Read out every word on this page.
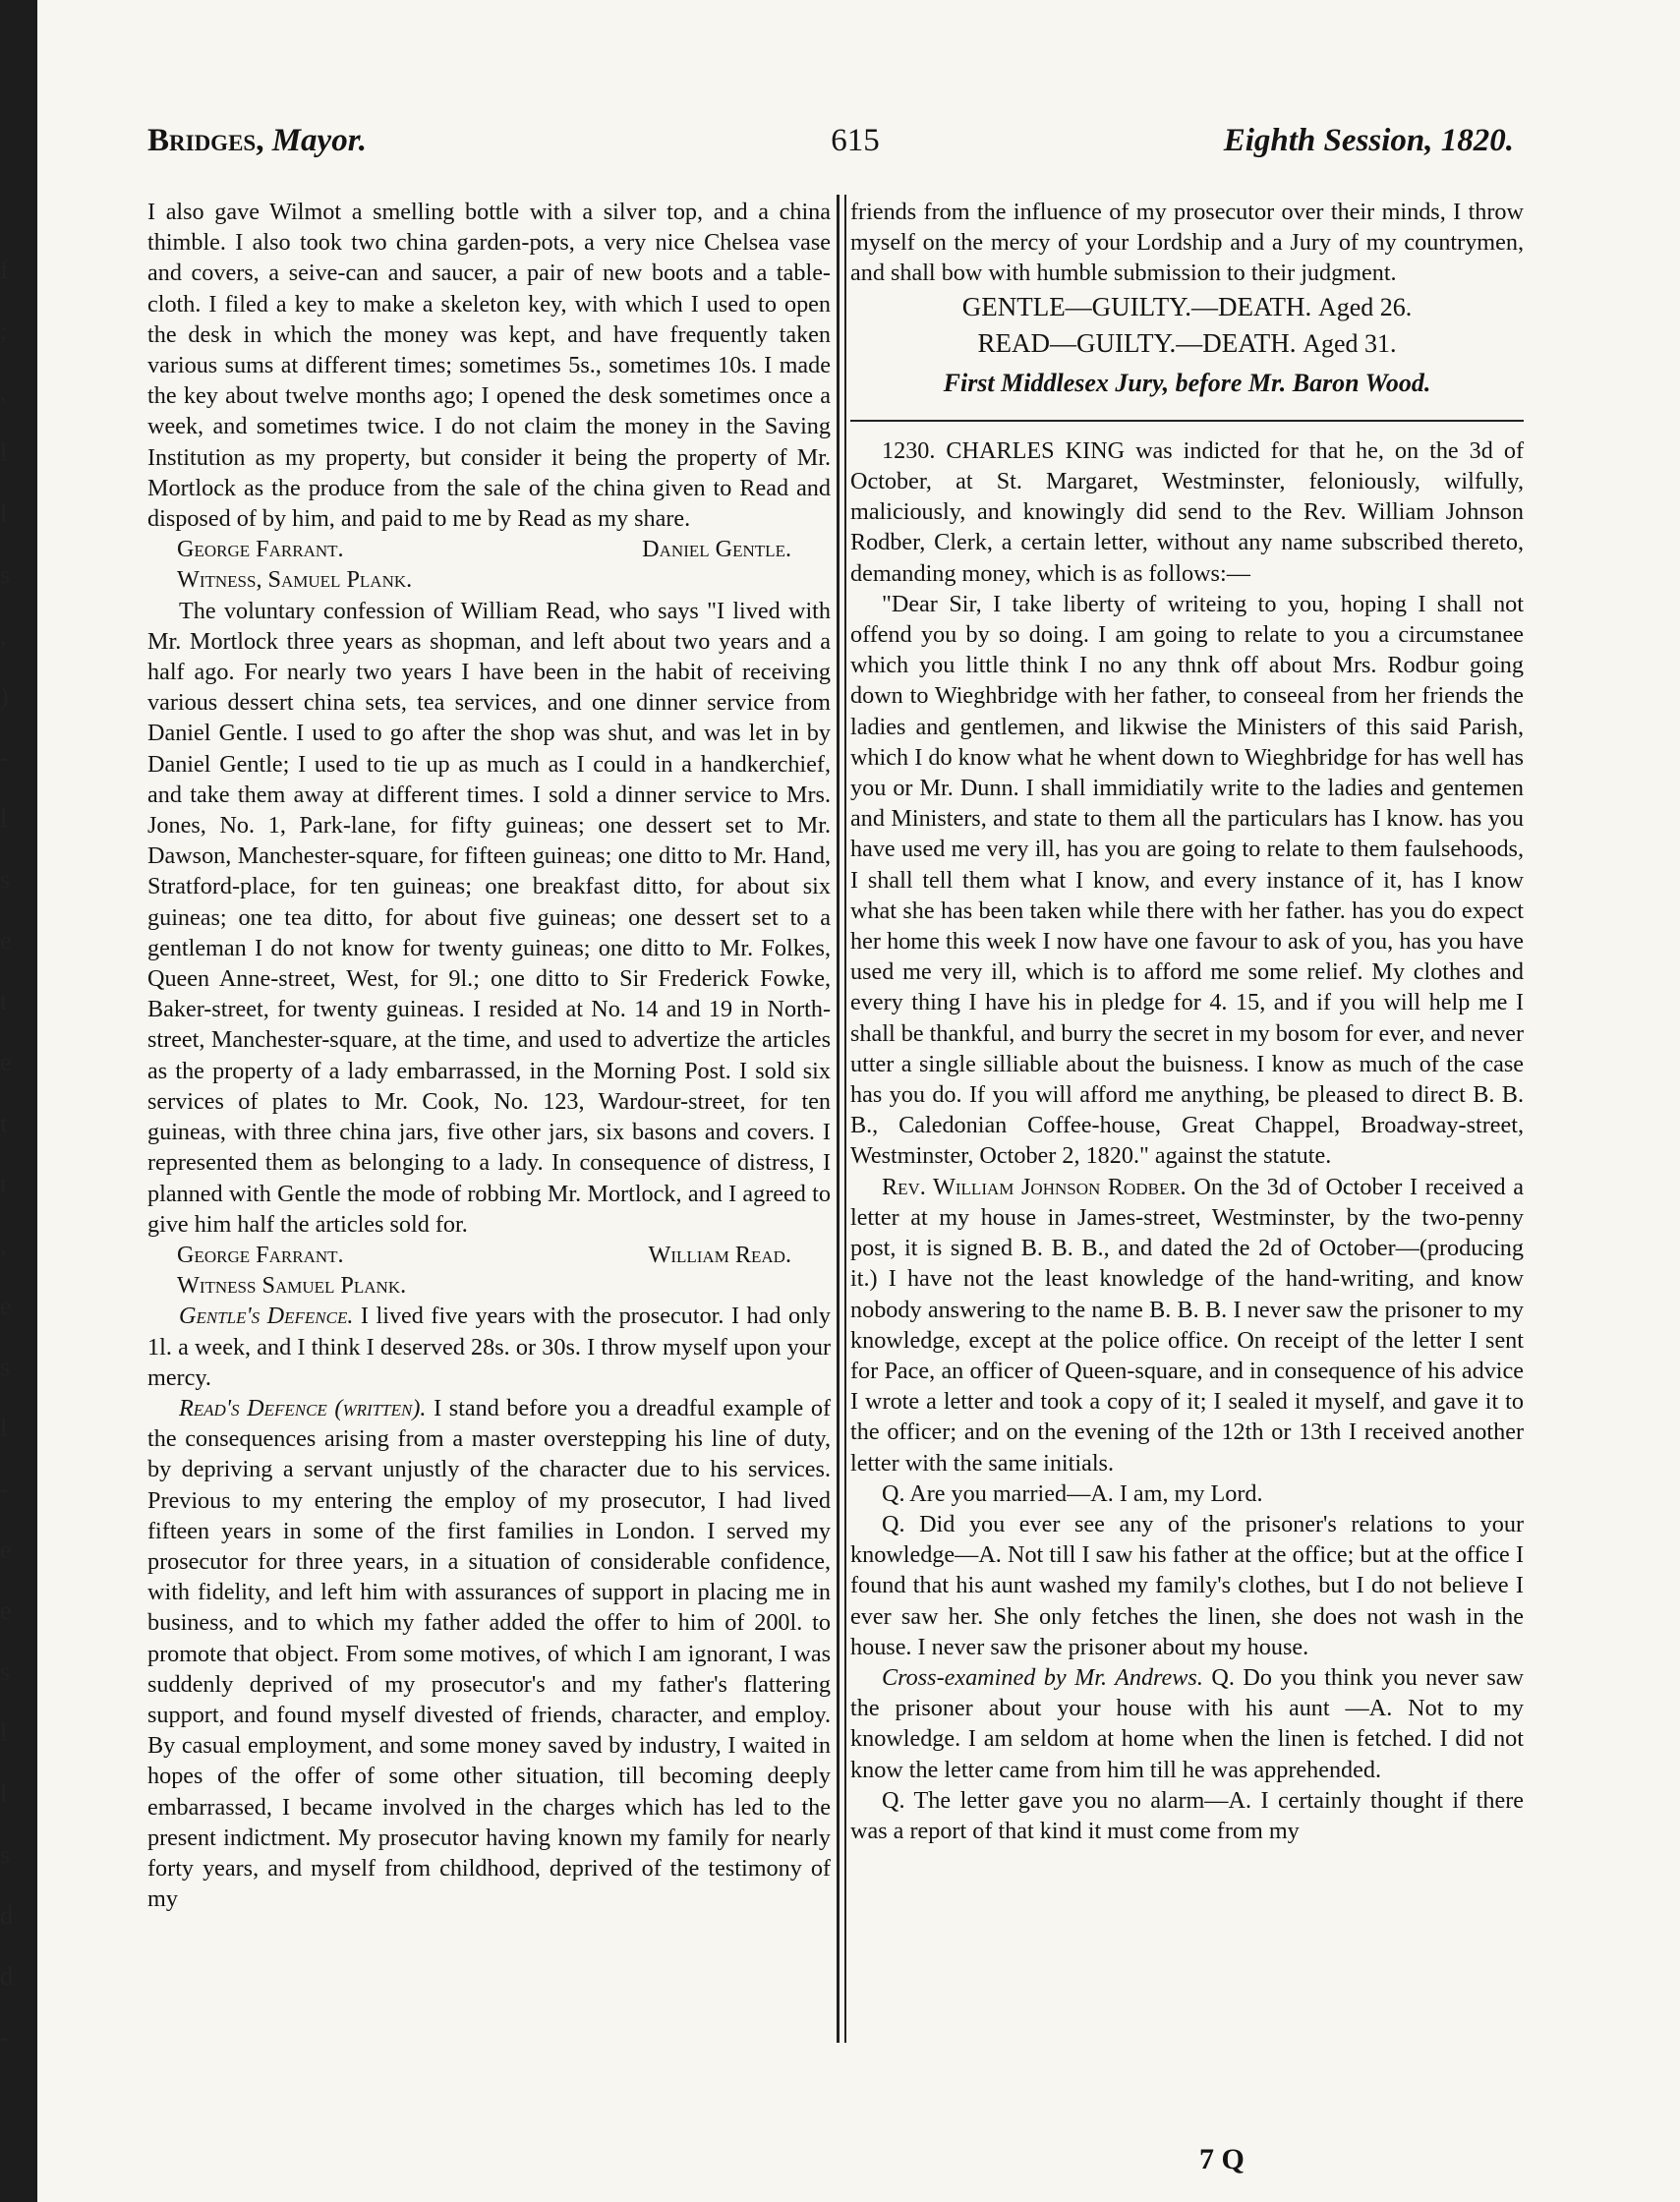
Bridges, Mayor.	615	Eighth Session, 1820.

I also gave Wilmot a smelling bottle with a silver top, and a china thimble. I also took two china garden-pots, a very nice Chelsea vase and covers, a seive-can and saucer, a pair of new boots and a table-cloth. I filed a key to make a skeleton key, with which I used to open the desk in which the money was kept, and have frequently taken various sums at different times; sometimes 5s., sometimes 10s. I made the key about twelve months ago; I opened the desk sometimes once a week, and sometimes twice. I do not claim the money in the Saving Institution as my property, but consider it being the property of Mr. Mortlock as the produce from the sale of the china given to Read and disposed of by him, and paid to me by Read as my share.

George Farrant.	Daniel Gentle.

Witness, Samuel Plank.

The voluntary confession of William Read, who says "I lived with Mr. Mortlock three years as shopman, and left about two years and a half ago. For nearly two years I have been in the habit of receiving various dessert china sets, tea services, and one dinner service from Daniel Gentle. I used to go after the shop was shut, and was let in by Daniel Gentle; I used to tie up as much as I could in a handkerchief, and take them away at different times. I sold a dinner service to Mrs. Jones, No. 1, Park-lane, for fifty guineas; one dessert set to Mr. Dawson, Manchester-square, for fifteen guineas; one ditto to Mr. Hand, Stratford-place, for ten guineas; one breakfast ditto, for about six guineas; one tea ditto, for about five guineas; one dessert set to a gentleman I do not know for twenty guineas; one ditto to Mr. Folkes, Queen Anne-street, West, for 9l.; one ditto to Sir Frederick Fowke, Baker-street, for twenty guineas. I resided at No. 14 and 19 in North-street, Manchester-square, at the time, and used to advertize the articles as the property of a lady embarrassed, in the Morning Post. I sold six services of plates to Mr. Cook, No. 123, Wardour-street, for ten guineas, with three china jars, five other jars, six basons and covers. I represented them as belonging to a lady. In consequence of distress, I planned with Gentle the mode of robbing Mr. Mortlock, and I agreed to give him half the articles sold for.

George Farrant.	William Read.

Witness Samuel Plank.

Gentle's Defence. I lived five years with the prosecutor. I had only 1l. a week, and I think I deserved 28s. or 30s. I throw myself upon your mercy.

Read's Defence (written). I stand before you a dreadful example of the consequences arising from a master overstepping his line of duty, by depriving a servant unjustly of the character due to his services. Previous to my entering the employ of my prosecutor, I had lived fifteen years in some of the first families in London. I served my prosecutor for three years, in a situation of considerable confidence, with fidelity, and left him with assurances of support in placing me in business, and to which my father added the offer to him of 200l. to promote that object. From some motives, of which I am ignorant, I was suddenly deprived of my prosecutor's and my father's flattering support, and found myself divested of friends, character, and employ. By casual employment, and some money saved by industry, I waited in hopes of the offer of some other situation, till becoming deeply embarrassed, I became involved in the charges which has led to the present indictment. My prosecutor having known my family for nearly forty years, and myself from childhood, deprived of the testimony of my

friends from the influence of my prosecutor over their minds, I throw myself on the mercy of your Lordship and a Jury of my countrymen, and shall bow with humble submission to their judgment.

GENTLE—GUILTY.—DEATH. Aged 26.
READ—GUILTY.—DEATH. Aged 31.
First Middlesex Jury, before Mr. Baron Wood.

1230. CHARLES KING was indicted for that he, on the 3d of October, at St. Margaret, Westminster, feloniously, wilfully, maliciously, and knowingly did send to the Rev. William Johnson Rodber, Clerk, a certain letter, without any name subscribed thereto, demanding money, which is as follows:—

"Dear Sir, I take liberty of writeing to you, hoping I shall not offend you by so doing. I am going to relate to you a circumstanee which you little think I no any thnk off about Mrs. Rodbur going down to Wieghbridge with her father, to conseeal from her friends the ladies and gentlemen, and likwise the Ministers of this said Parish, which I do know what he whent down to Wieghbridge for has well has you or Mr. Dunn. I shall immidiatily write to the ladies and gentemen and Ministers, and state to them all the particulars has I know. has you have used me very ill, has you are going to relate to them faulsehoods, I shall tell them what I know, and every instance of it, has I know what she has been taken while there with her father. has you do expect her home this week I now have one favour to ask of you, has you have used me very ill, which is to afford me some relief. My clothes and every thing I have his in pledge for 4. 15, and if you will help me I shall be thankful, and burry the secret in my bosom for ever, and never utter a single silliable about the buisness. I know as much of the case has you do. If you will afford me anything, be pleased to direct B. B. B., Caledonian Coffee-house, Great Chappel, Broadway-street, Westminster, October 2, 1820." against the statute.

Rev. William Johnson Rodber. On the 3d of October I received a letter at my house in James-street, Westminster, by the two-penny post, it is signed B. B. B., and dated the 2d of October—(producing it.) I have not the least knowledge of the hand-writing, and know nobody answering to the name B. B. B. I never saw the prisoner to my knowledge, except at the police office. On receipt of the letter I sent for Pace, an officer of Queen-square, and in consequence of his advice I wrote a letter and took a copy of it; I sealed it myself, and gave it to the officer; and on the evening of the 12th or 13th I received another letter with the same initials.

Q. Are you married—A. I am, my Lord.

Q. Did you ever see any of the prisoner's relations to your knowledge—A. Not till I saw his father at the office; but at the office I found that his aunt washed my family's clothes, but I do not believe I ever saw her. She only fetches the linen, she does not wash in the house. I never saw the prisoner about my house.

Cross-examined by Mr. Andrews. Q. Do you think you never saw the prisoner about your house with his aunt —A. Not to my knowledge. I am seldom at home when the linen is fetched. I did not know the letter came from him till he was apprehended.

Q. The letter gave you no alarm—A. I certainly thought if there was a report of that kind it must come from my

7 Q
f
;
,
l
l
s
,
)
-
l
s
e
t
e
t
t
,
e
s
l
-
e
e
s
l
l
s
d
d
-
